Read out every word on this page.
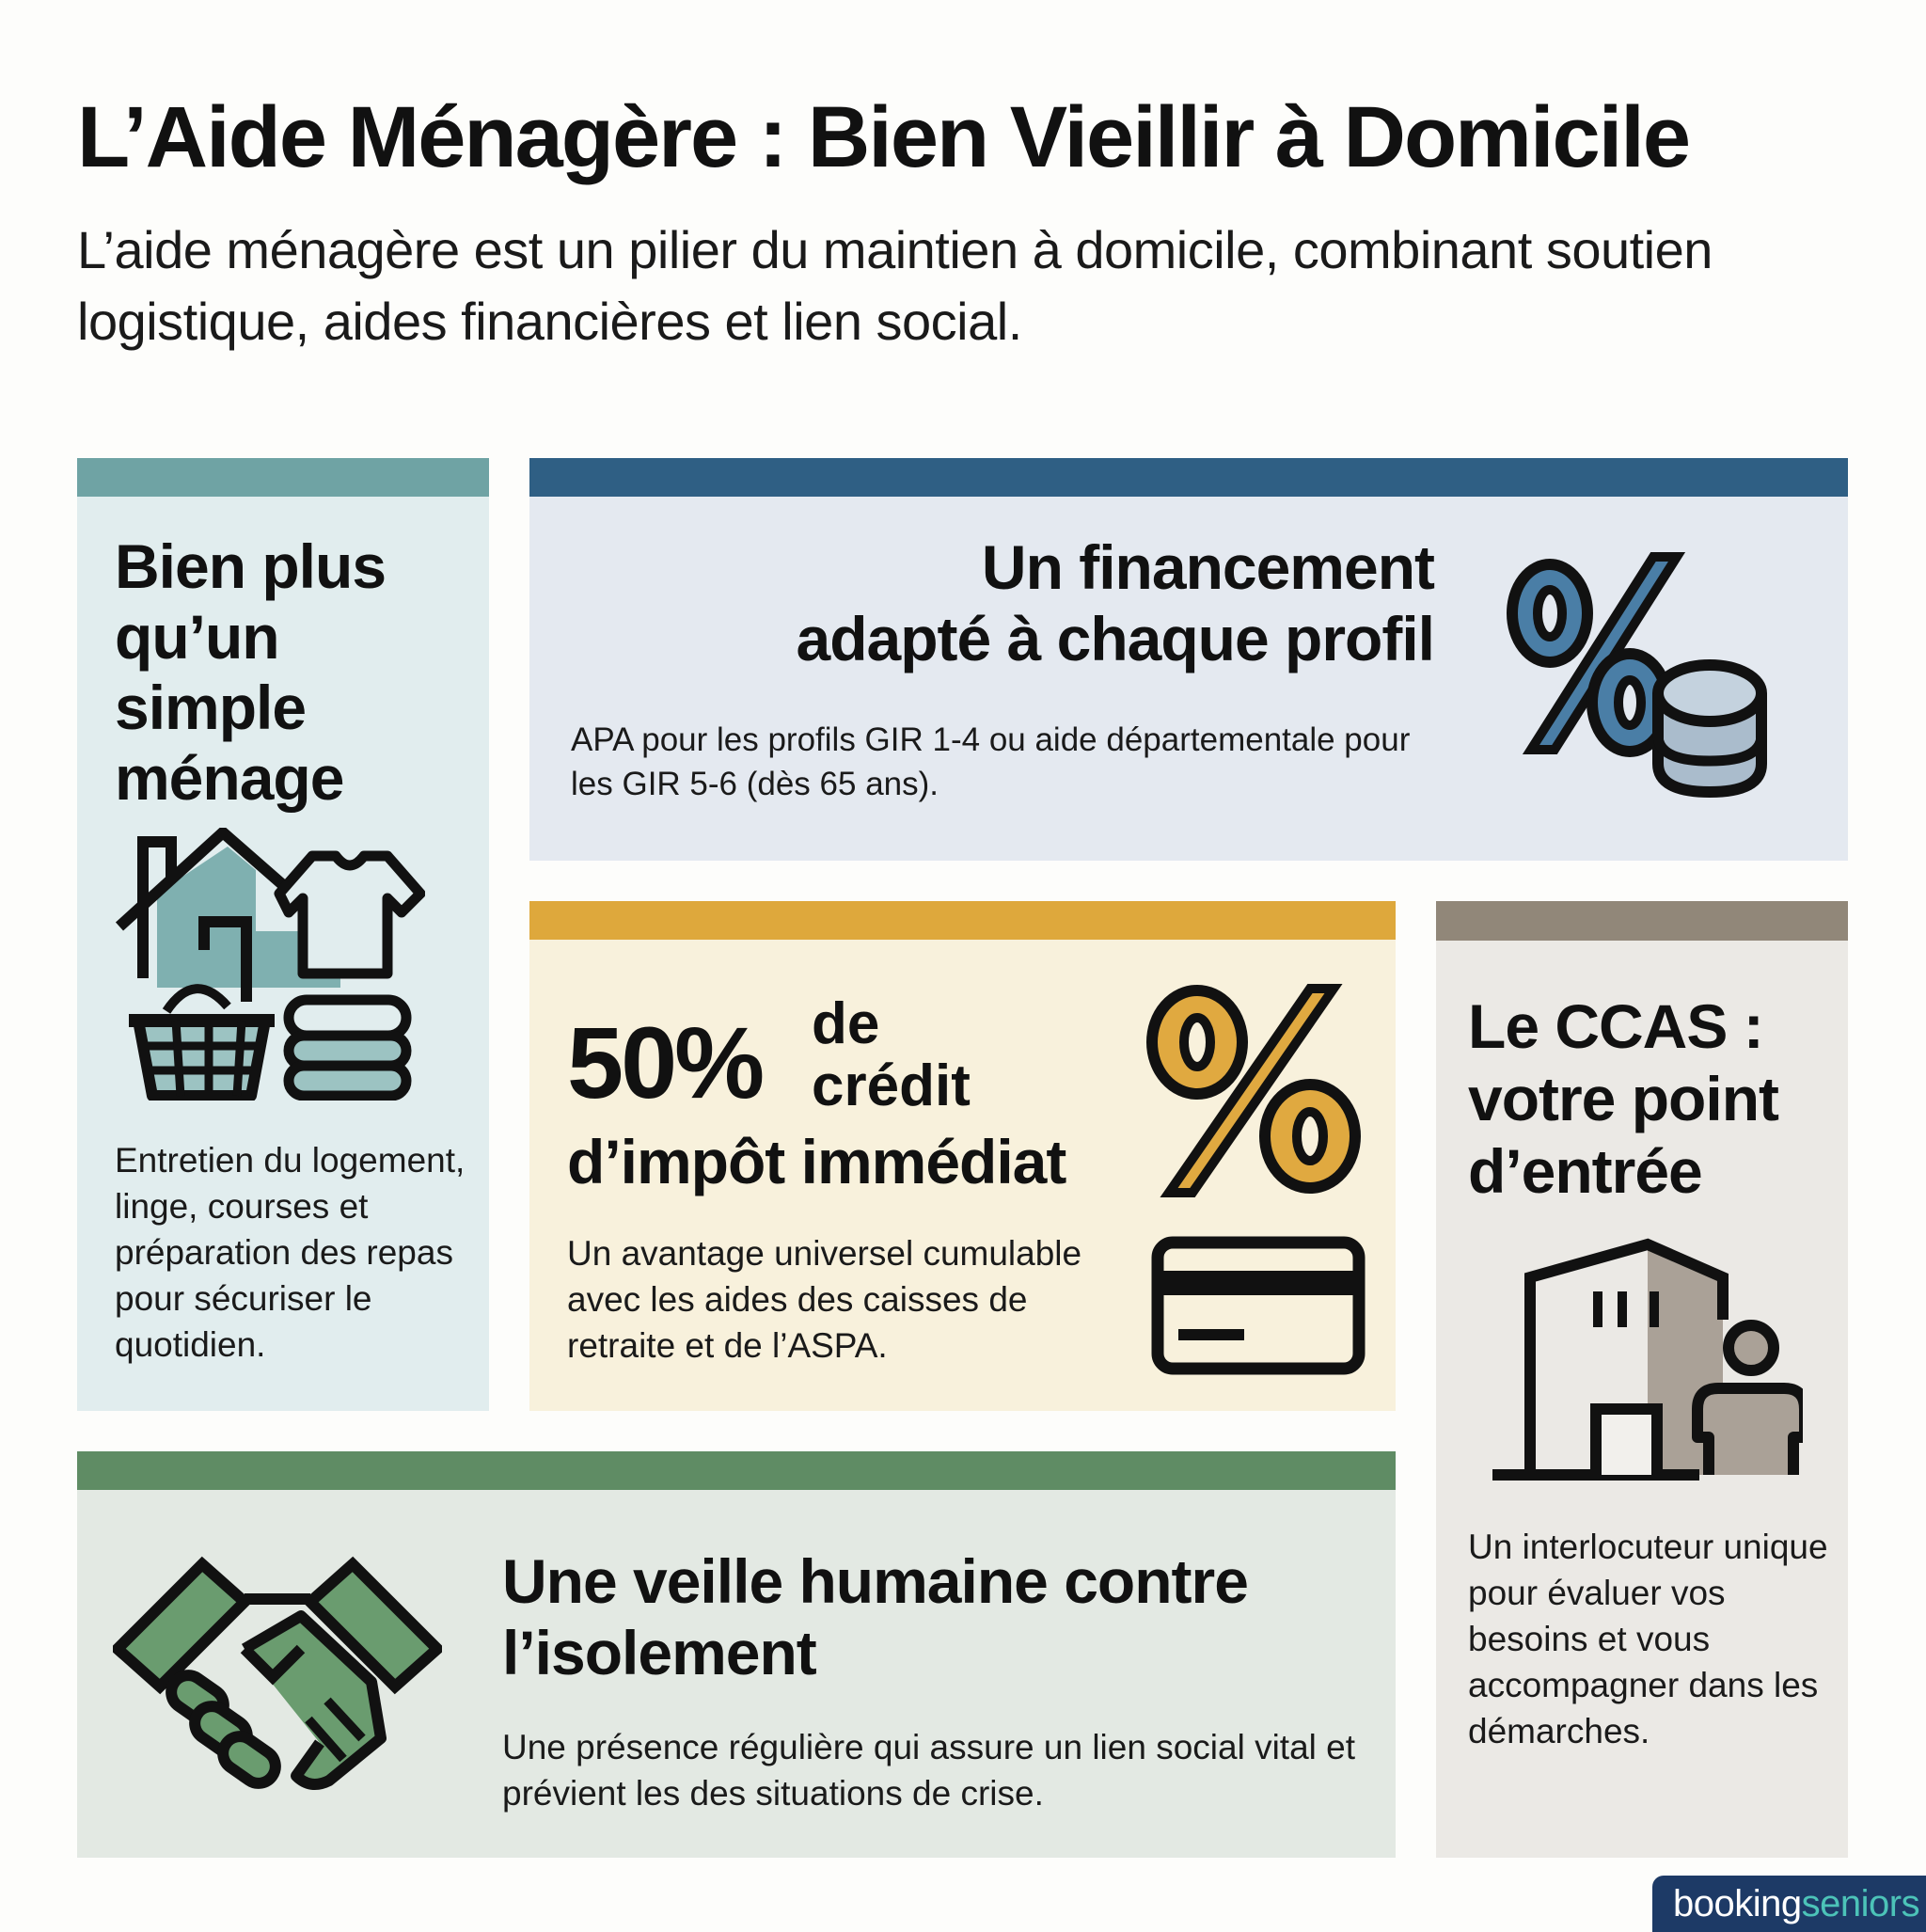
L’Aide Ménagère : Bien Vieillir à Domicile

L’aide ménagère est un pilier du maintien à domicile, combinant soutien logistique, aides financières et lien social.

Bien plus qu’un simple ménage

Entretien du logement, linge, courses et préparation des repas pour sécuriser le quotidien.

Un financement
adapté à chaque profil

APA pour les profils GIR 1-4 ou aide départementale pour les GIR 5-6 (dès 65 ans).

50% de
crédit
d’impôt immédiat

Un avantage universel cumulable avec les aides des caisses de retraite et de l’ASPA.

Le CCAS : votre point d’entrée

Un interlocuteur unique pour évaluer vos besoins et vous accompagner dans les démarches.

Une veille humaine contre l’isolement

Une présence régulière qui assure un lien social vital et prévient les des situations de crise.

booking seniors
